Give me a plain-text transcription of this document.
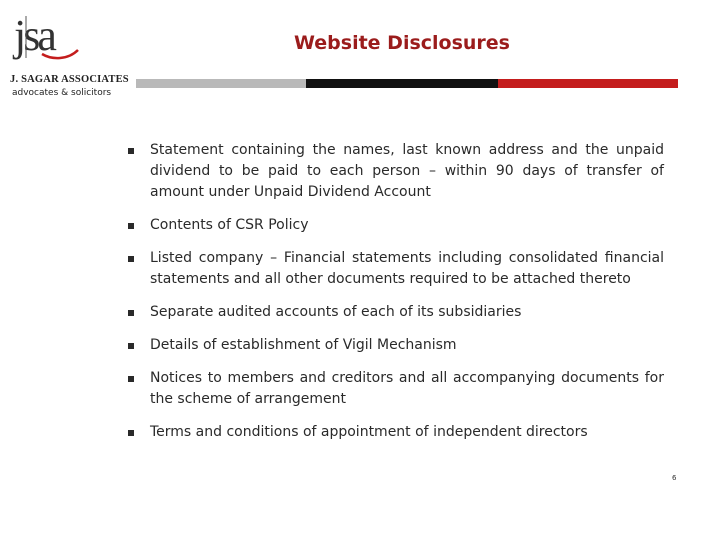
jsa
J. SAGAR ASSOCIATES
advocates & solicitors
Website Disclosures
Statement containing the names, last known address and the unpaid dividend to be paid to each person – within 90 days of transfer of amount under Unpaid Dividend Account
Contents of CSR Policy
Listed company – Financial statements including consolidated financial statements and all other documents required to be attached thereto
Separate audited accounts of each of its subsidiaries
Details of establishment of Vigil Mechanism
Notices to members and creditors and all accompanying documents for the scheme of arrangement
Terms and conditions of appointment of independent directors
6
